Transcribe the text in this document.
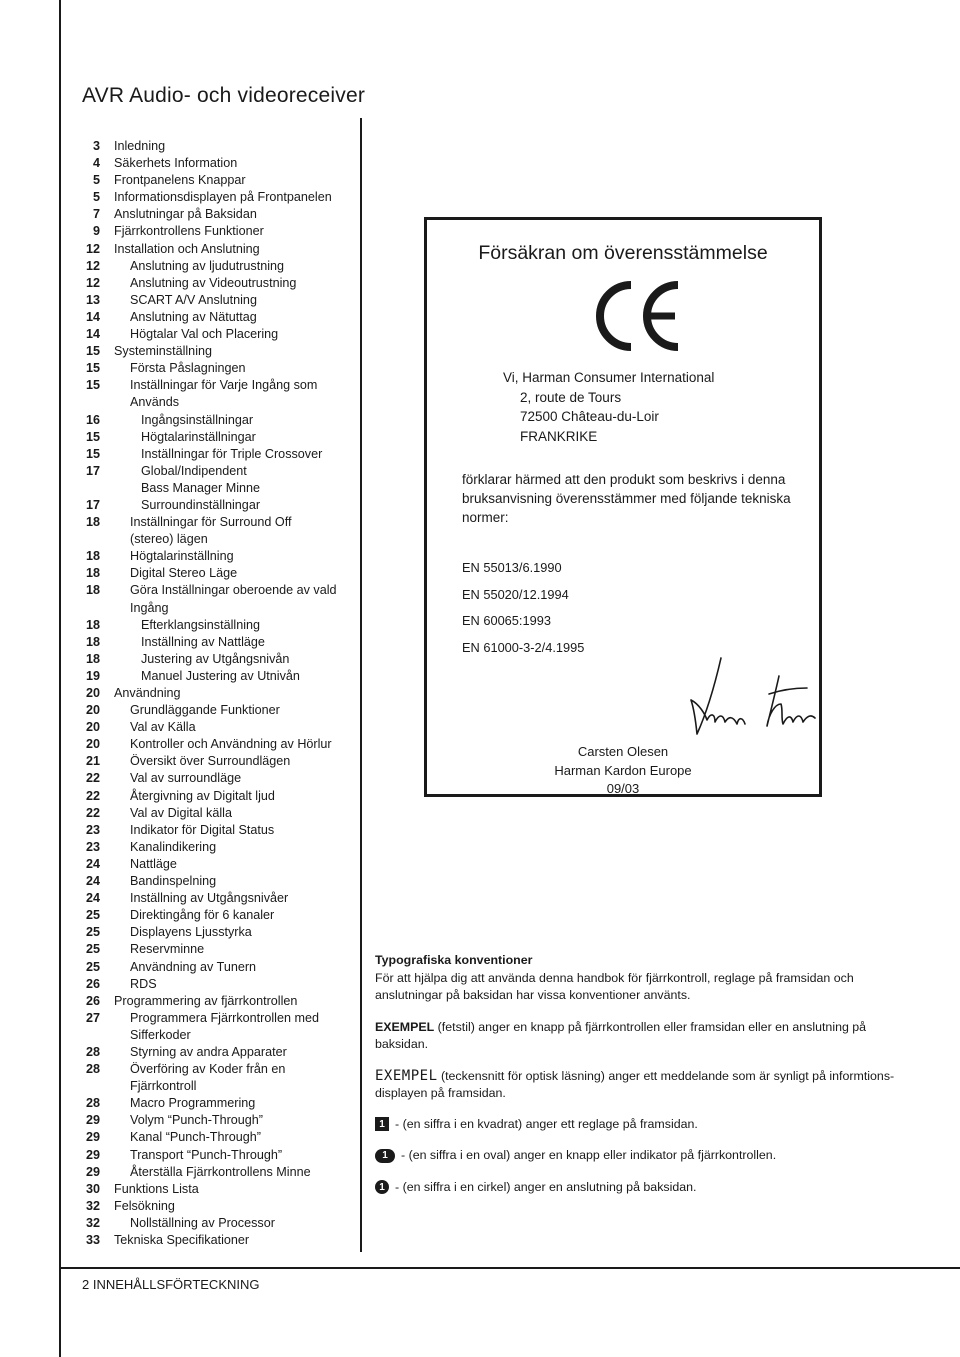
AVR Audio- och videoreceiver
3	Inledning
4	Säkerhets Information
5	Frontpanelens Knappar
5	Informationsdisplayen på Frontpanelen
7	Anslutningar på Baksidan
9	Fjärrkontrollens Funktioner
12	Installation och Anslutning
12	Anslutning av ljudutrustning
12	Anslutning av Videoutrustning
13	SCART A/V Anslutning
14	Anslutning av Nätuttag
14	Högtalar Val och Placering
15	Systeminställning
15	Första Påslagningen
15	Inställningar för Varje Ingång som
Används
16	Ingångsinställningar
15	Högtalarinställningar
15	Inställningar för Triple Crossover
17	Global/Indipendent
Bass Manager Minne
17	Surroundinställningar
18	Inställningar för Surround Off
(stereo) lägen
18	Högtalarinställning
18	Digital Stereo Läge
18	Göra Inställningar oberoende av vald
Ingång
18	Efterklangsinställning
18	Inställning av Nattläge
18	Justering av Utgångsnivån
19	Manuel Justering av Utnivån
20	Användning
20	Grundläggande Funktioner
20	Val av Källa
20	Kontroller och Användning av Hörlur
21	Översikt över Surroundlägen
22	Val av surroundläge
22	Återgivning av Digitalt ljud
22	Val av Digital källa
23	Indikator för Digital Status
23	Kanalindikering
24	Nattläge
24	Bandinspelning
24	Inställning av Utgångsnivåer
25	Direktingång för 6 kanaler
25	Displayens Ljusstyrka
25	Reservminne
25	Användning av Tunern
26	RDS
26	Programmering av fjärrkontrollen
27	Programmera Fjärrkontrollen med
Sifferkoder
28	Styrning av andra Apparater
28	Överföring av Koder från en
Fjärrkontroll
28	Macro Programmering
29	Volym “Punch-Through”
29	Kanal “Punch-Through”
29	Transport “Punch-Through”
29	Återställa Fjärrkontrollens Minne
30	Funktions Lista
32	Felsökning
32	Nollställning av Processor
33	Tekniska Specifikationer
Försäkran om överensstämmelse
Vi, Harman Consumer International
2, route de Tours
72500 Château-du-Loir
FRANKRIKE
förklarar härmed att den produkt som beskrivs i denna bruksanvisning överensstämmer med följande tekniska normer:
EN 55013/6.1990
EN 55020/12.1994
EN 60065:1993
EN 61000-3-2/4.1995
Carsten Olesen
Harman Kardon Europe
09/03
Typografiska konventioner

För att hjälpa dig att använda denna handbok för fjärrkontroll, reglage på framsidan och anslutningar på baksidan har vissa konventioner använts.

EXEMPEL (fetstil) anger en knapp på fjärrkontrollen eller framsidan eller en anslutning på baksidan.

EXEMPEL (teckensnitt för optisk läsning) anger ett meddelande som är synligt på informtions- displayen på framsidan.

1 - (en siffra i en kvadrat) anger ett reglage på framsidan.
1	- (en siffra i en oval) anger en knapp eller indikator på fjärrkontrollen.
1 - (en siffra i en cirkel) anger en anslutning på baksidan.
2 INNEHÅLLSFÖRTECKNING
